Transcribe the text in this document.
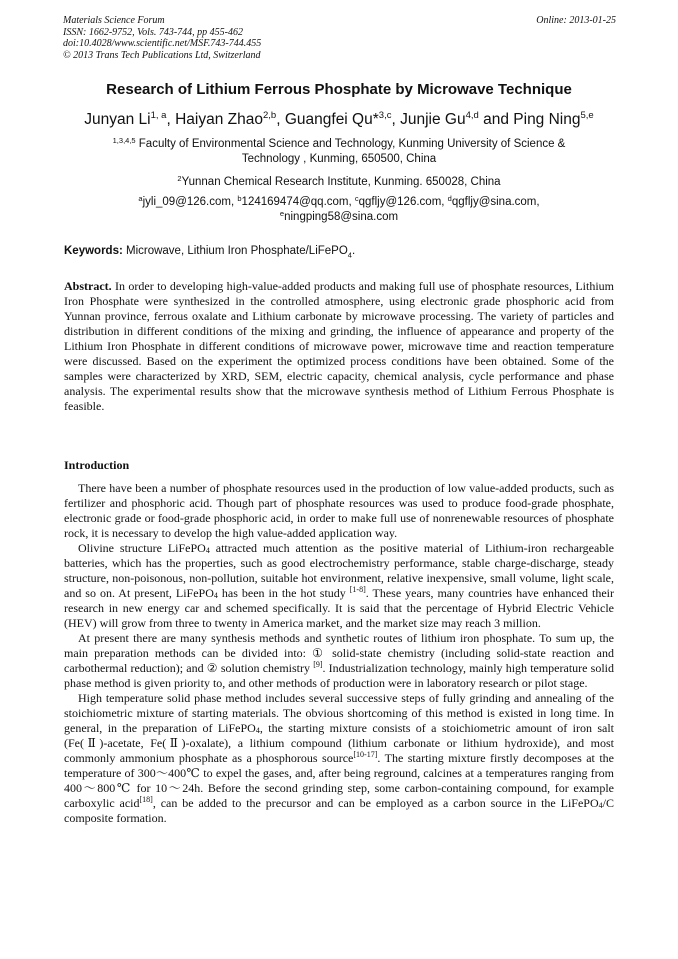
Materials Science Forum
ISSN: 1662-9752, Vols. 743-744, pp 455-462
doi:10.4028/www.scientific.net/MSF.743-744.455
© 2013 Trans Tech Publications Ltd, Switzerland
Online: 2013-01-25
Research of Lithium Ferrous Phosphate by Microwave Technique
Junyan Li$^{1, a}$, Haiyan Zhao$^{2,b}$, Guangfei Qu*$^{3,c}$, Junjie Gu$^{4,d}$ and Ping Ning$^{5,e}$
$^{1,3,4,5}$ Faculty of Environmental Science and Technology, Kunming University of Science &
Technology , Kunming, 650500, China
$^2$Yunnan Chemical Research Institute, Kunming. 650028, China
$^a$jyli_09@126.com, $^b$124169474@qq.com, $^c$qgfljy@126.com, $^d$qgfljy@sina.com,
$^e$ningping58@sina.com
Keywords: Microwave, Lithium Iron Phosphate/LiFePO$_4$.

Abstract. In order to developing high-value-added products and making full use of phosphate resources, Lithium Iron Phosphate were synthesized in the controlled atmosphere, using electronic grade phosphoric acid from Yunnan province, ferrous oxalate and Lithium carbonate by microwave processing. The variety of particles and distribution in different conditions of the mixing and grinding, the influence of appearance and property of the Lithium Iron Phosphate in different conditions of microwave power, microwave time and reaction temperature were discussed. Based on the experiment the optimized process conditions have been obtained. Some of the samples were characterized by XRD, SEM, electric capacity, chemical analysis, cycle performance and phase analysis. The experimental results show that the microwave synthesis method of Lithium Ferrous Phosphate is feasible.

Introduction

There have been a number of phosphate resources used in the production of low value-added products, such as fertilizer and phosphoric acid. Though part of phosphate resources was used to produce food-grade phosphate, electronic grade or food-grade phosphoric acid, in order to make full use of nonrenewable resources of phosphate rock, it is necessary to develop the high value-added application way.

Olivine structure LiFePO$_4$ attracted much attention as the positive material of Lithium-iron rechargeable batteries, which has the properties, such as good electrochemistry performance, stable charge-discharge, steady structure, non-poisonous, non-pollution, suitable hot environment, relative inexpensive, small volume, light scale, and so on. At present, LiFePO$_4$ has been in the hot study [1-8]. These years, many countries have enhanced their research in new energy car and schemed specifically. It is said that the percentage of Hybrid Electric Vehicle (HEV) will grow from three to twenty in America market, and the market size may reach 3 million.

At present there are many synthesis methods and synthetic routes of lithium iron phosphate. To sum up, the main preparation methods can be divided into: ① solid-state chemistry (including solid-state reaction and carbothermal reduction); and ② solution chemistry [9]. Industrialization technology, mainly high temperature solid phase method is given priority to, and other methods of production were in laboratory research or pilot stage.

High temperature solid phase method includes several successive steps of fully grinding and annealing of the stoichiometric mixture of starting materials. The obvious shortcoming of this method is existed in long time. In general, in the preparation of LiFePO$_4$, the starting mixture consists of a stoichiometric amount of iron salt (Fe(Ⅱ)-acetate, Fe(Ⅱ)-oxalate), a lithium compound (lithium carbonate or lithium hydroxide), and most commonly ammonium phosphate as a phosphorous source[10-17]. The starting mixture firstly decomposes at the temperature of 300～400℃ to expel the gases, and, after being reground, calcines at a temperatures ranging from 400～800℃ for 10～24h. Before the second grinding step, some carbon-containing compound, for example carboxylic acid[18], can be added to the precursor and can be employed as a carbon source in the LiFePO$_4$/C composite formation.
